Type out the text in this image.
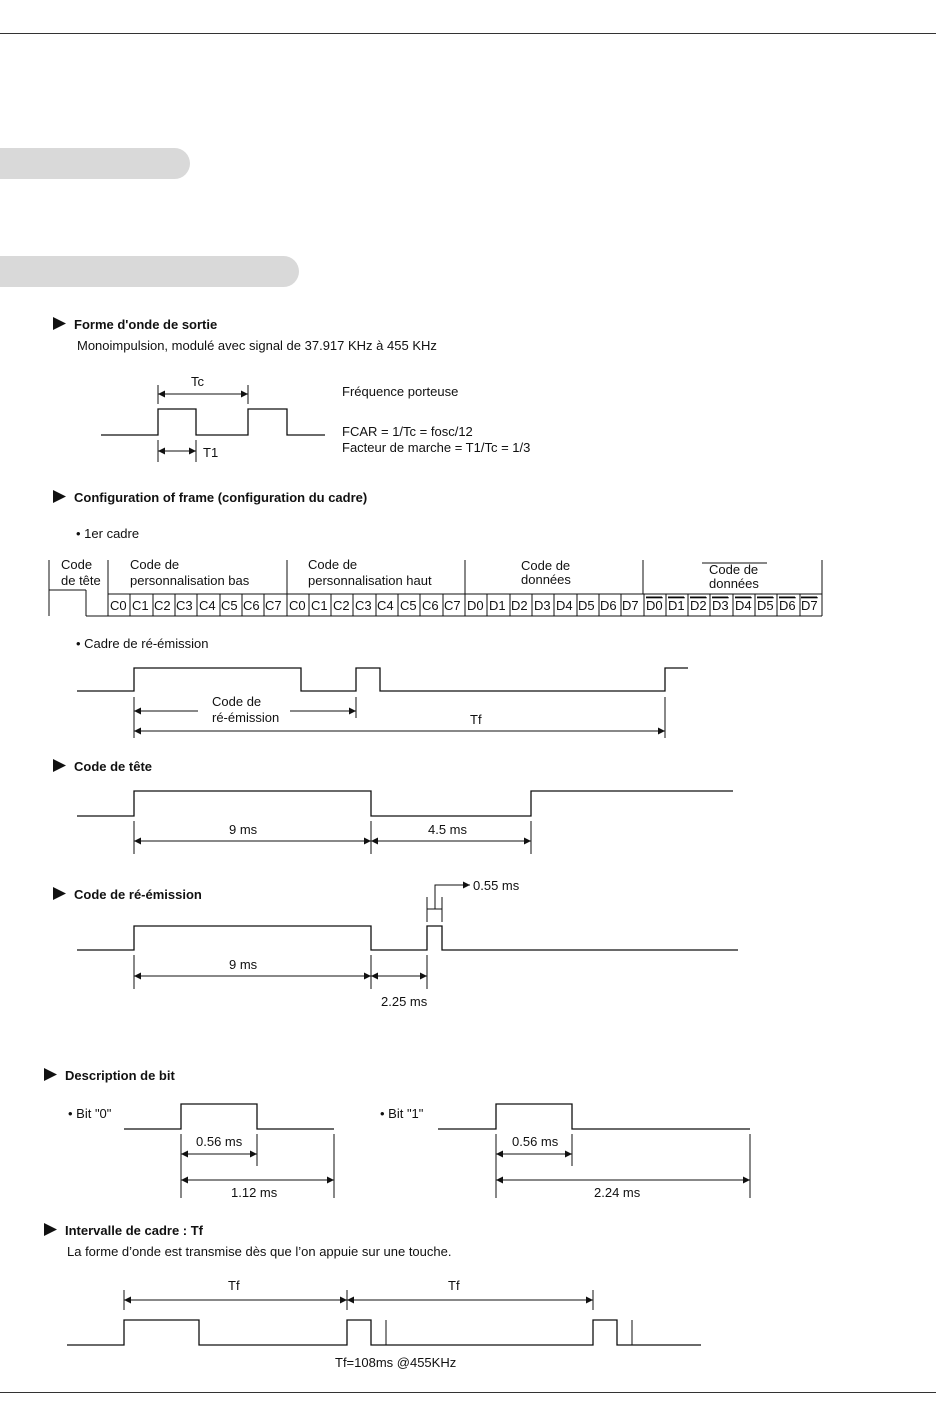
Forme d'onde de sortie
Monoimpulsion, modulé avec signal de 37.917 KHz à 455 KHz
Tc
T1
Fréquence porteuse
FCAR = 1/Tc = fosc/12
Facteur de marche = T1/Tc = 1/3
Configuration of frame (configuration du cadre)
• 1er cadre
Code
de tête
Code de
personnalisation bas
Code de
personnalisation haut
Code de
données
Code de
données
C0 C1 C2 C3 C4 C5 C6 C7 C0 C1 C2 C3 C4 C5 C6 C7 D0 D1 D2 D3 D4 D5 D6 D7 D0 D1 D2 D3 D4 D5 D6 D7
• Cadre de ré-émission
Code de
ré-émission	Tf
Code de tête
9 ms	4.5 ms
Code de ré-émission
0.55 ms
9 ms
2.25 ms
Description de bit
• Bit "0"
0.56 ms
1.12 ms
• Bit "1"
0.56 ms
2.24 ms
Intervalle de cadre : Tf
La forme d’onde est transmise dès que l’on appuie sur une touche.
Tf	Tf
Tf=108ms @455KHz
